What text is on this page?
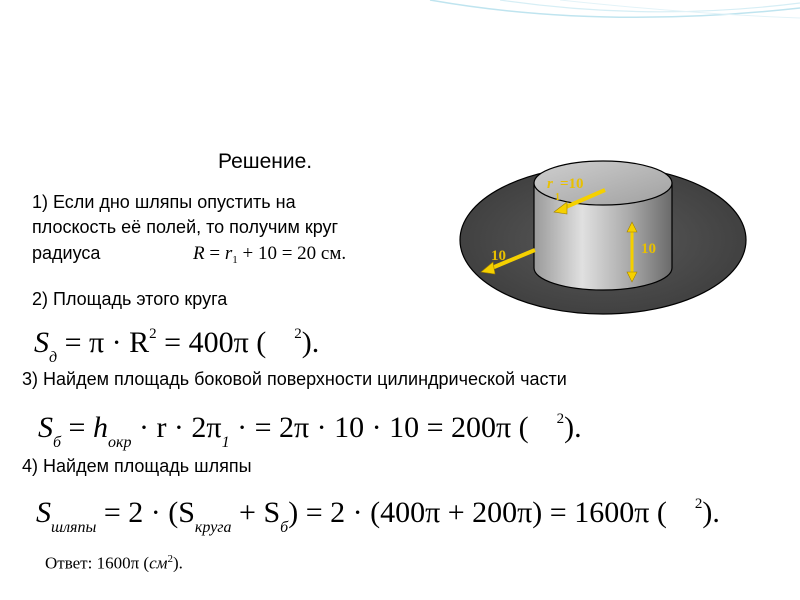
Решение.
1) Если дно шляпы опустить на
плоскость её полей, то получим круг
радиуса	$R = r_1 + 10 = 20$ см.
2) Площадь этого круга
$S_д = \pi \cdot R^2 = 400\pi$ ( $^2$).
3) Найдем площадь боковой поверхности цилиндрической части
$S_б = h_{окр} \cdot r \cdot 2\pi_1$ · = 2π · 10 · 10 = 200π ( $^2$).
4) Найдем площадь шляпы
$S_{шляпы} = 2 \cdot (S_{круга} + S_б) = 2 \cdot (400\pi + 200\pi) = 1600\pi$ ( $^2$).
Ответ: 1600π $(см^2)$.
r
1
=10
10
10
